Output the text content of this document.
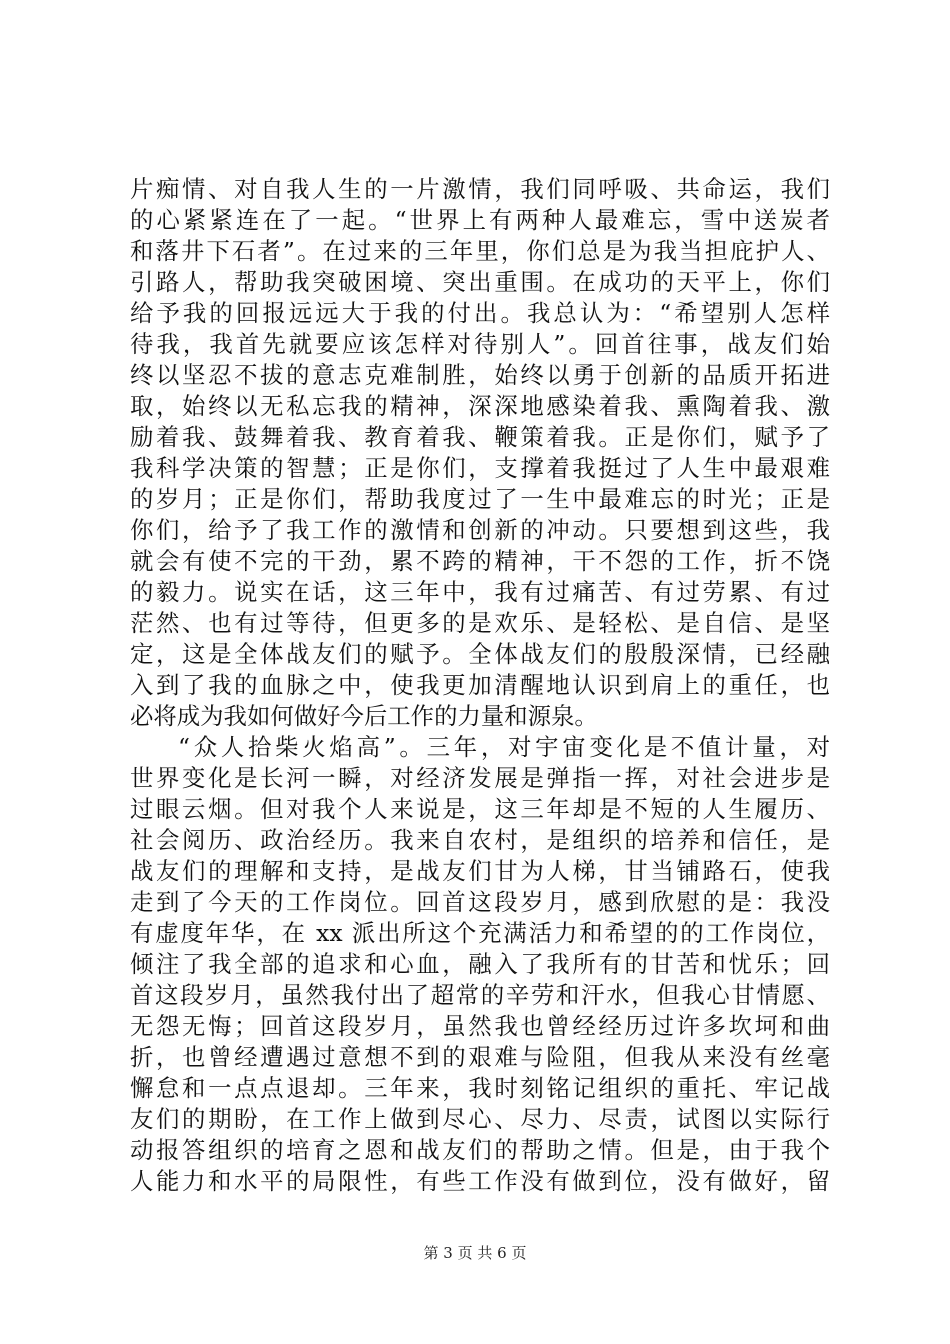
片痴情、对自我人生的一片激情，我们同呼吸、共命运，我们
的心紧紧连在了一起。“世界上有两种人最难忘，雪中送炭者
和落井下石者”。在过来的三年里，你们总是为我当担庇护人、
引路人，帮助我突破困境、突出重围。在成功的天平上，你们
给予我的回报远远大于我的付出。我总认为：“希望别人怎样
待我，我首先就要应该怎样对待别人”。回首往事，战友们始
终以坚忍不拔的意志克难制胜，始终以勇于创新的品质开拓进
取，始终以无私忘我的精神，深深地感染着我、熏陶着我、激
励着我、鼓舞着我、教育着我、鞭策着我。正是你们，赋予了
我科学决策的智慧；正是你们，支撑着我挺过了人生中最艰难
的岁月；正是你们，帮助我度过了一生中最难忘的时光；正是
你们，给予了我工作的激情和创新的冲动。只要想到这些，我
就会有使不完的干劲，累不跨的精神，干不怨的工作，折不饶
的毅力。说实在话，这三年中，我有过痛苦、有过劳累、有过
茫然、也有过等待，但更多的是欢乐、是轻松、是自信、是坚
定，这是全体战友们的赋予。全体战友们的殷殷深情，已经融
入到了我的血脉之中，使我更加清醒地认识到肩上的重任，也
必将成为我如何做好今后工作的力量和源泉。
“众人拾柴火焰高”。三年，对宇宙变化是不值计量，对
世界变化是长河一瞬，对经济发展是弹指一挥，对社会进步是
过眼云烟。但对我个人来说是，这三年却是不短的人生履历、
社会阅历、政治经历。我来自农村，是组织的培养和信任，是
战友们的理解和支持，是战友们甘为人梯，甘当铺路石，使我
走到了今天的工作岗位。回首这段岁月，感到欣慰的是：我没
有虚度年华，在 xx 派出所这个充满活力和希望的的工作岗位，
倾注了我全部的追求和心血，融入了我所有的甘苦和忧乐；回
首这段岁月，虽然我付出了超常的辛劳和汗水，但我心甘情愿、
无怨无悔；回首这段岁月，虽然我也曾经经历过许多坎坷和曲
折，也曾经遭遇过意想不到的艰难与险阻，但我从来没有丝毫
懈怠和一点点退却。三年来，我时刻铭记组织的重托、牢记战
友们的期盼，在工作上做到尽心、尽力、尽责，试图以实际行
动报答组织的培育之恩和战友们的帮助之情。但是，由于我个
人能力和水平的局限性，有些工作没有做到位，没有做好，留
第 3 页 共 6 页
